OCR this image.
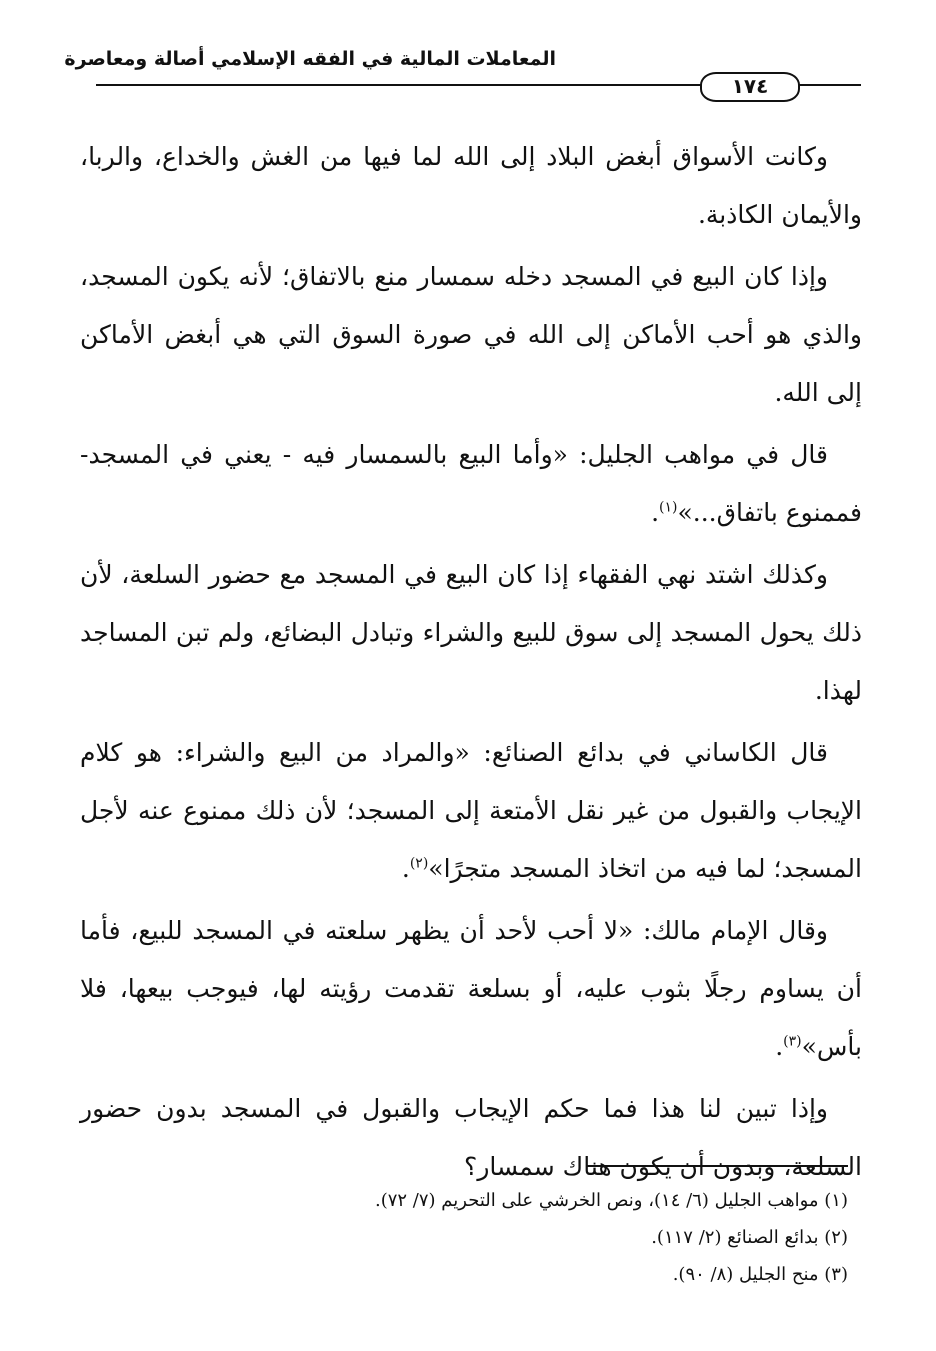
المعاملات المالية في الفقه الإسلامي أصالة ومعاصرة
١٧٤

وكانت الأسواق أبغض البلاد إلى الله لما فيها من الغش والخداع، والربا، والأيمان الكاذبة.

وإذا كان البيع في المسجد دخله سمسار منع بالاتفاق؛ لأنه يكون المسجد، والذي هو أحب الأماكن إلى الله في صورة السوق التي هي أبغض الأماكن إلى الله.

قال في مواهب الجليل: «وأما البيع بالسمسار فيه - يعني في المسجد- فممنوع باتفاق...»$^{(١)}$.

وكذلك اشتد نهي الفقهاء إذا كان البيع في المسجد مع حضور السلعة، لأن ذلك يحول المسجد إلى سوق للبيع والشراء وتبادل البضائع، ولم تبن المساجد لهذا.

قال الكاساني في بدائع الصنائع: «والمراد من البيع والشراء: هو كلام الإيجاب والقبول من غير نقل الأمتعة إلى المسجد؛ لأن ذلك ممنوع عنه لأجل المسجد؛ لما فيه من اتخاذ المسجد متجرًا»$^{(٢)}$.

وقال الإمام مالك: «لا أحب لأحد أن يظهر سلعته في المسجد للبيع، فأما أن يساوم رجلًا بثوب عليه، أو بسلعة تقدمت رؤيته لها، فيوجب بيعها، فلا بأس»$^{(٣)}$.

وإذا تبين لنا هذا فما حكم الإيجاب والقبول في المسجد بدون حضور السلعة، وبدون أن يكون هناك سمسار؟

(١) مواهب الجليل (٦/ ١٤)، ونص الخرشي على التحريم (٧/ ٧٢).
(٢) بدائع الصنائع (٢/ ١١٧).
(٣) منح الجليل (٨/ ٩٠).
